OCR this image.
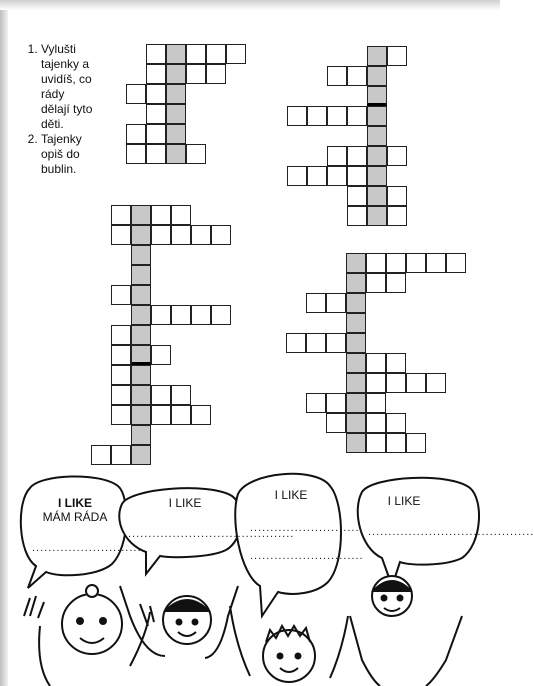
1. Vylušti tajenky a uvidíš, co rády dělají tyto děti.
2. Tajenky opiš do bublin.
I LIKE
MÁM RÁDA
...........................
I LIKE
.........................................
I LIKE
............................
............................
I LIKE
.........................................
